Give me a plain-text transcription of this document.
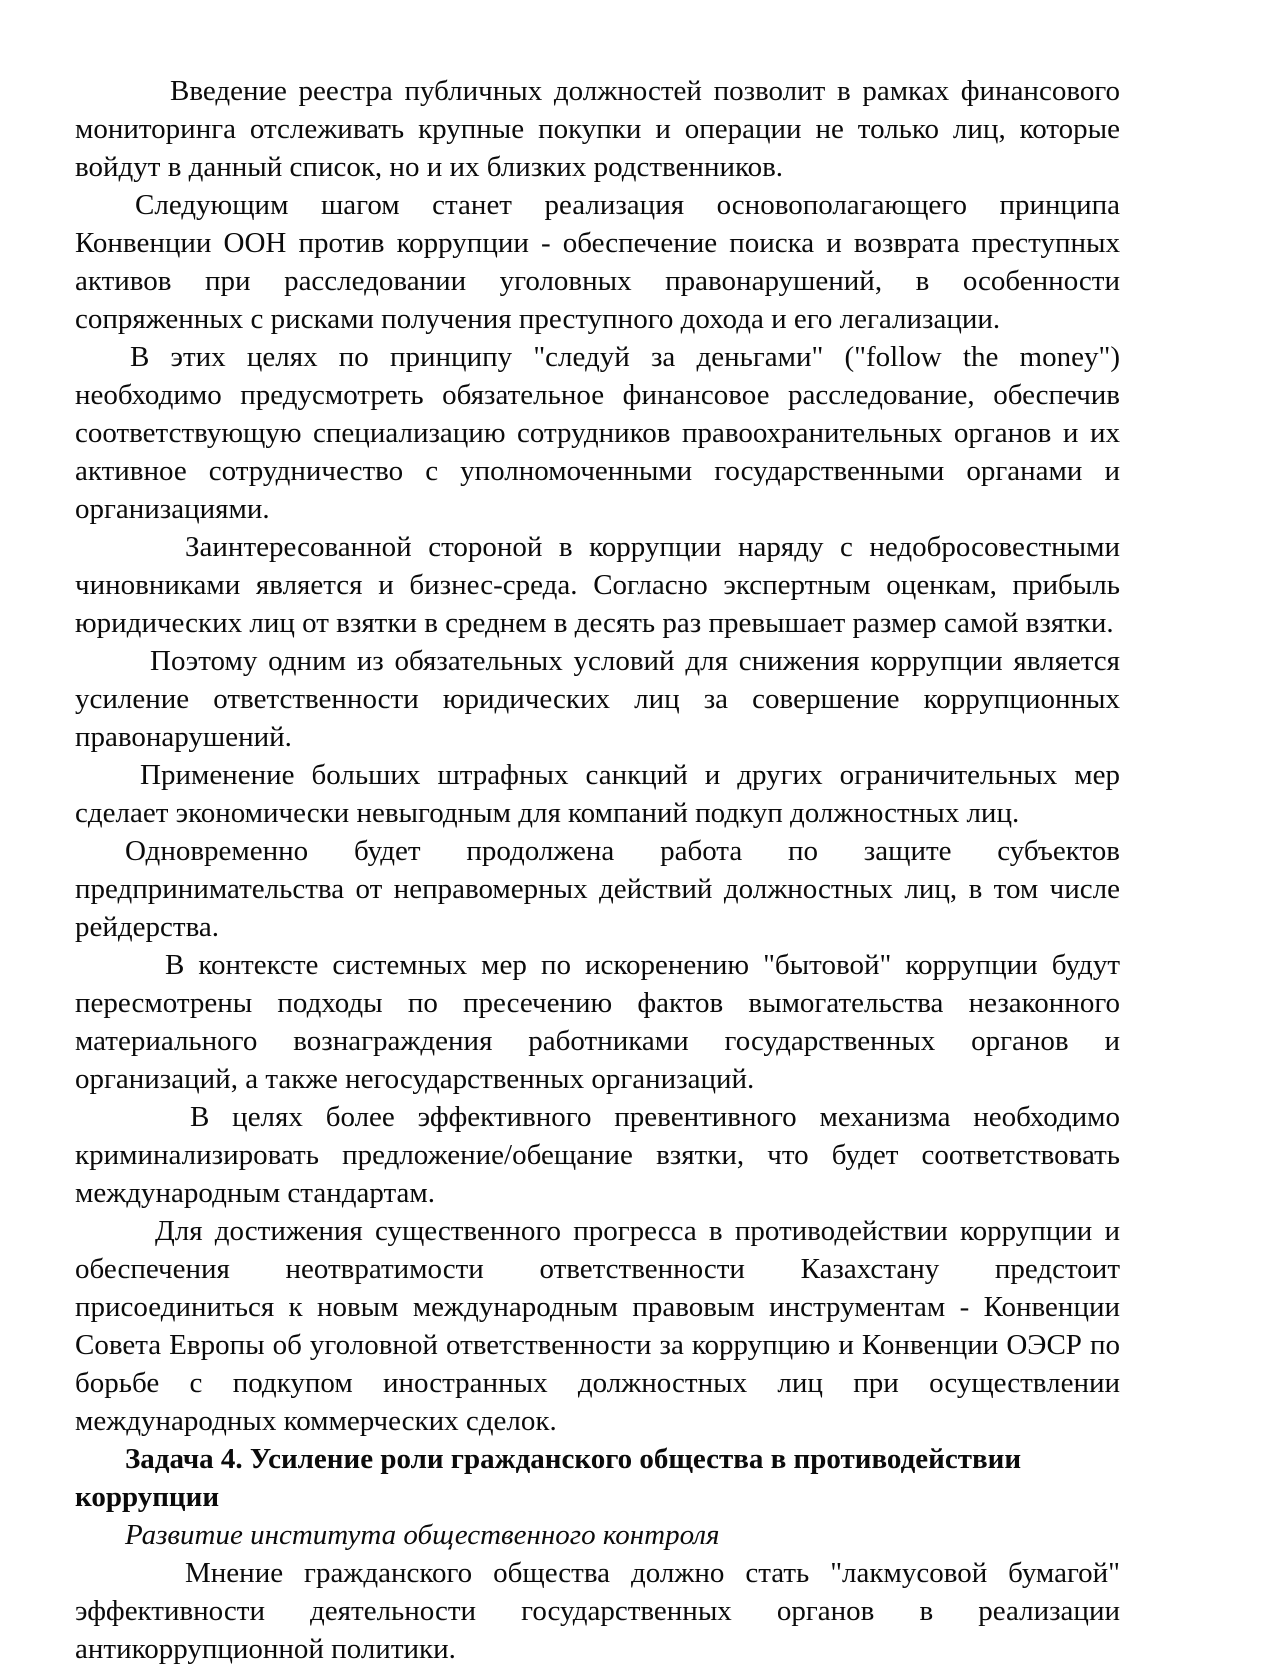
Введение реестра публичных должностей позволит в рамках финансового мониторинга отслеживать крупные покупки и операции не только лиц, которые войдут в данный список, но и их близких родственников.

Следующим шагом станет реализация основополагающего принципа Конвенции ООН против коррупции - обеспечение поиска и возврата преступных активов при расследовании уголовных правонарушений, в особенности сопряженных с рисками получения преступного дохода и его легализации.

В этих целях по принципу "следуй за деньгами" ("follow the money") необходимо предусмотреть обязательное финансовое расследование, обеспечив соответствующую специализацию сотрудников правоохранительных органов и их активное сотрудничество с уполномоченными государственными органами и организациями.

Заинтересованной стороной в коррупции наряду с недобросовестными чиновниками является и бизнес-среда. Согласно экспертным оценкам, прибыль юридических лиц от взятки в среднем в десять раз превышает размер самой взятки.

Поэтому одним из обязательных условий для снижения коррупции является усиление ответственности юридических лиц за совершение коррупционных правонарушений.

Применение больших штрафных санкций и других ограничительных мер сделает экономически невыгодным для компаний подкуп должностных лиц.

Одновременно будет продолжена работа по защите субъектов предпринимательства от неправомерных действий должностных лиц, в том числе рейдерства.

В контексте системных мер по искоренению "бытовой" коррупции будут пересмотрены подходы по пресечению фактов вымогательства незаконного материального вознаграждения работниками государственных органов и организаций, а также негосударственных организаций.

В целях более эффективного превентивного механизма необходимо криминализировать предложение/обещание взятки, что будет соответствовать международным стандартам.

Для достижения существенного прогресса в противодействии коррупции и обеспечения неотвратимости ответственности Казахстану предстоит присоединиться к новым международным правовым инструментам - Конвенции Совета Европы об уголовной ответственности за коррупцию и Конвенции ОЭСР по борьбе с подкупом иностранных должностных лиц при осуществлении международных коммерческих сделок.

Задача 4. Усиление роли гражданского общества в противодействии коррупции

Развитие института общественного контроля

Мнение гражданского общества должно стать "лакмусовой бумагой" эффективности деятельности государственных органов в реализации антикоррупционной политики.
